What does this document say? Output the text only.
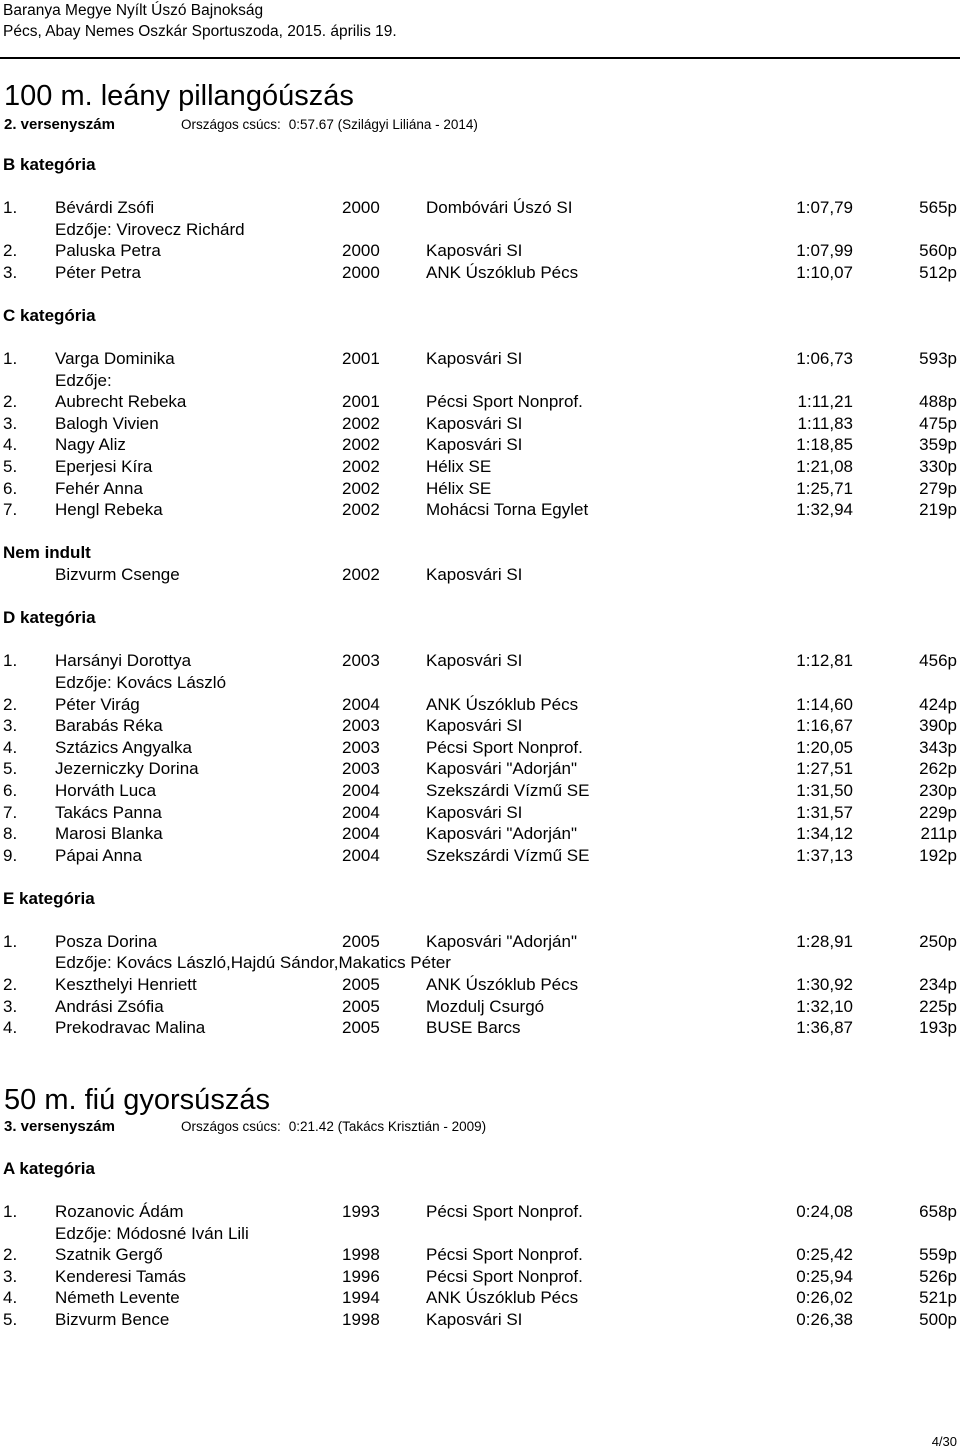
Baranya Megye Nyílt Úszó Bajnokság
Pécs, Abay Nemes Oszkár Sportuszoda, 2015. április 19.
100 m. leány pillangóúszás
2. versenyszám	Országos csúcs: 0:57.67 (Szilágyi Liliána - 2014)
B kategória
1. Bévárdi Zsófi	2000	Dombóvári Úszó SI	1:07,79	565p
Edzője: Virovecz Richárd
2. Paluska Petra	2000	Kaposvári SI	1:07,99	560p
3. Péter Petra	2000	ANK Úszóklub Pécs	1:10,07	512p
C kategória
1. Varga Dominika	2001	Kaposvári SI	1:06,73	593p
Edzője:
2. Aubrecht Rebeka	2001	Pécsi Sport Nonprof.	1:11,21	488p
3. Balogh Vivien	2002	Kaposvári SI	1:11,83	475p
4. Nagy Aliz	2002	Kaposvári SI	1:18,85	359p
5. Eperjesi Kíra	2002	Hélix SE	1:21,08	330p
6. Fehér Anna	2002	Hélix SE	1:25,71	279p
7. Hengl Rebeka	2002	Mohácsi Torna Egylet	1:32,94	219p
Nem indult
Bizvurm Csenge	2002	Kaposvári SI
D kategória
1. Harsányi Dorottya	2003	Kaposvári SI	1:12,81	456p
Edzője: Kovács László
2. Péter Virág	2004	ANK Úszóklub Pécs	1:14,60	424p
3. Barabás Réka	2003	Kaposvári SI	1:16,67	390p
4. Sztázics Angyalka	2003	Pécsi Sport Nonprof.	1:20,05	343p
5. Jezerniczky Dorina	2003	Kaposvári "Adorján"	1:27,51	262p
6. Horváth Luca	2004	Szekszárdi Vízmű SE	1:31,50	230p
7. Takács Panna	2004	Kaposvári SI	1:31,57	229p
8. Marosi Blanka	2004	Kaposvári "Adorján"	1:34,12	211p
9. Pápai Anna	2004	Szekszárdi Vízmű SE	1:37,13	192p
E kategória
1. Posza Dorina	2005	Kaposvári "Adorján"	1:28,91	250p
Edzője: Kovács László,Hajdú Sándor,Makatics Péter
2. Keszthelyi Henriett	2005	ANK Úszóklub Pécs	1:30,92	234p
3. Andrási Zsófia	2005	Mozdulj Csurgó	1:32,10	225p
4. Prekodravac Malina	2005	BUSE Barcs	1:36,87	193p
50 m. fiú gyorsúszás
3. versenyszám	Országos csúcs: 0:21.42 (Takács Krisztián - 2009)
A kategória
1. Rozanovic Ádám	1993	Pécsi Sport Nonprof.	0:24,08	658p
Edzője: Módosné Iván Lili
2. Szatnik Gergő	1998	Pécsi Sport Nonprof.	0:25,42	559p
3. Kenderesi Tamás	1996	Pécsi Sport Nonprof.	0:25,94	526p
4. Németh Levente	1994	ANK Úszóklub Pécs	0:26,02	521p
5. Bizvurm Bence	1998	Kaposvári SI	0:26,38	500p
4/30
